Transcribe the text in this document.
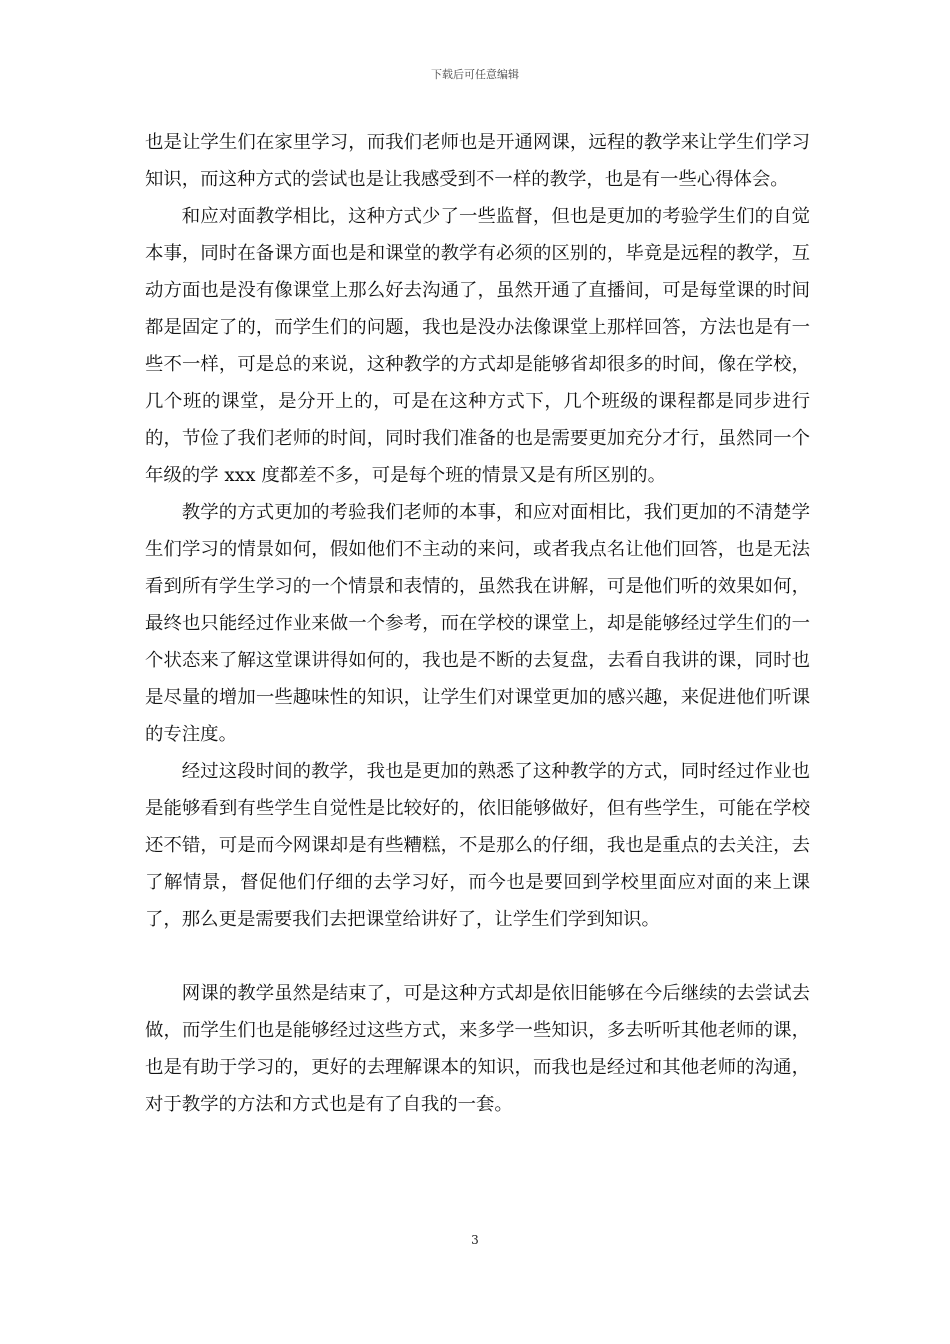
下载后可任意编辑

也是让学生们在家里学习，而我们老师也是开通网课，远程的教学来让学生们学习知识，而这种方式的尝试也是让我感受到不一样的教学，也是有一些心得体会。

和应对面教学相比，这种方式少了一些监督，但也是更加的考验学生们的自觉本事，同时在备课方面也是和课堂的教学有必须的区别的，毕竟是远程的教学，互动方面也是没有像课堂上那么好去沟通了，虽然开通了直播间，可是每堂课的时间都是固定了的，而学生们的问题，我也是没办法像课堂上那样回答，方法也是有一些不一样，可是总的来说，这种教学的方式却是能够省却很多的时间，像在学校，几个班的课堂，是分开上的，可是在这种方式下，几个班级的课程都是同步进行的，节俭了我们老师的时间，同时我们准备的也是需要更加充分才行，虽然同一个年级的学 xxx 度都差不多，可是每个班的情景又是有所区别的。

教学的方式更加的考验我们老师的本事，和应对面相比，我们更加的不清楚学生们学习的情景如何，假如他们不主动的来问，或者我点名让他们回答，也是无法看到所有学生学习的一个情景和表情的，虽然我在讲解，可是他们听的效果如何，最终也只能经过作业来做一个参考，而在学校的课堂上，却是能够经过学生们的一个状态来了解这堂课讲得如何的，我也是不断的去复盘，去看自我讲的课，同时也是尽量的增加一些趣味性的知识，让学生们对课堂更加的感兴趣，来促进他们听课的专注度。

经过这段时间的教学，我也是更加的熟悉了这种教学的方式，同时经过作业也是能够看到有些学生自觉性是比较好的，依旧能够做好，但有些学生，可能在学校还不错，可是而今网课却是有些糟糕，不是那么的仔细，我也是重点的去关注，去了解情景，督促他们仔细的去学习好，而今也是要回到学校里面应对面的来上课了，那么更是需要我们去把课堂给讲好了，让学生们学到知识。

网课的教学虽然是结束了，可是这种方式却是依旧能够在今后继续的去尝试去做，而学生们也是能够经过这些方式，来多学一些知识，多去听听其他老师的课，也是有助于学习的，更好的去理解课本的知识，而我也是经过和其他老师的沟通，对于教学的方法和方式也是有了自我的一套。

3
